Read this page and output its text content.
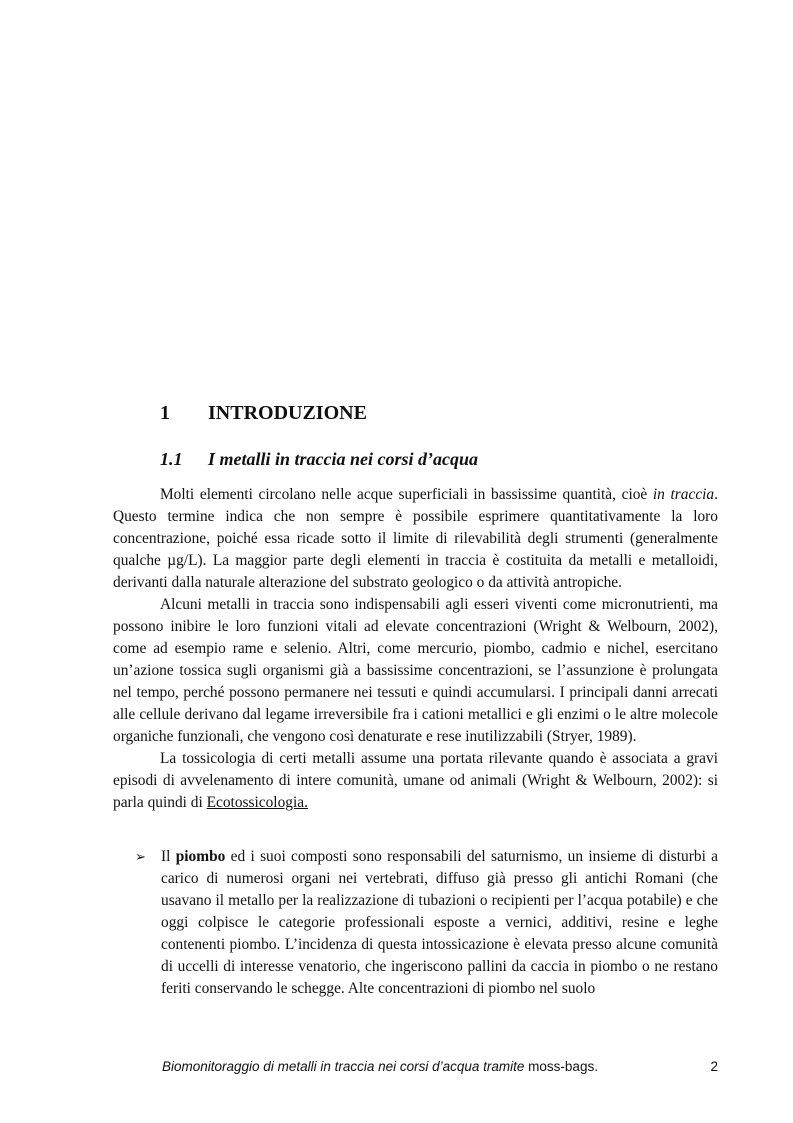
1 INTRODUZIONE
1.1 I metalli in traccia nei corsi d’acqua

Molti elementi circolano nelle acque superficiali in bassissime quantità, cioè in traccia. Questo termine indica che non sempre è possibile esprimere quantitativamente la loro concentrazione, poiché essa ricade sotto il limite di rilevabilità degli strumenti (generalmente qualche µg/L). La maggior parte degli elementi in traccia è costituita da metalli e metalloidi, derivanti dalla naturale alterazione del substrato geologico o da attività antropiche.

Alcuni metalli in traccia sono indispensabili agli esseri viventi come micronutrienti, ma possono inibire le loro funzioni vitali ad elevate concentrazioni (Wright & Welbourn, 2002), come ad esempio rame e selenio. Altri, come mercurio, piombo, cadmio e nichel, esercitano un’azione tossica sugli organismi già a bassissime concentrazioni, se l’assunzione è prolungata nel tempo, perché possono permanere nei tessuti e quindi accumularsi. I principali danni arrecati alle cellule derivano dal legame irreversibile fra i cationi metallici e gli enzimi o le altre molecole organiche funzionali, che vengono così denaturate e rese inutilizzabili (Stryer, 1989).

La tossicologia di certi metalli assume una portata rilevante quando è associata a gravi episodi di avvelenamento di intere comunità, umane od animali (Wright & Welbourn, 2002): si parla quindi di Ecotossicologia.

➢ Il piombo ed i suoi composti sono responsabili del saturnismo, un insieme di disturbi a carico di numerosi organi nei vertebrati, diffuso già presso gli antichi Romani (che usavano il metallo per la realizzazione di tubazioni o recipienti per l’acqua potabile) e che oggi colpisce le categorie professionali esposte a vernici, additivi, resine e leghe contenenti piombo. L’incidenza di questa intossicazione è elevata presso alcune comunità di uccelli di interesse venatorio, che ingeriscono pallini da caccia in piombo o ne restano feriti conservando le schegge. Alte concentrazioni di piombo nel suolo
Biomonitoraggio di metalli in traccia nei corsi d’acqua tramite moss-bags.	2
